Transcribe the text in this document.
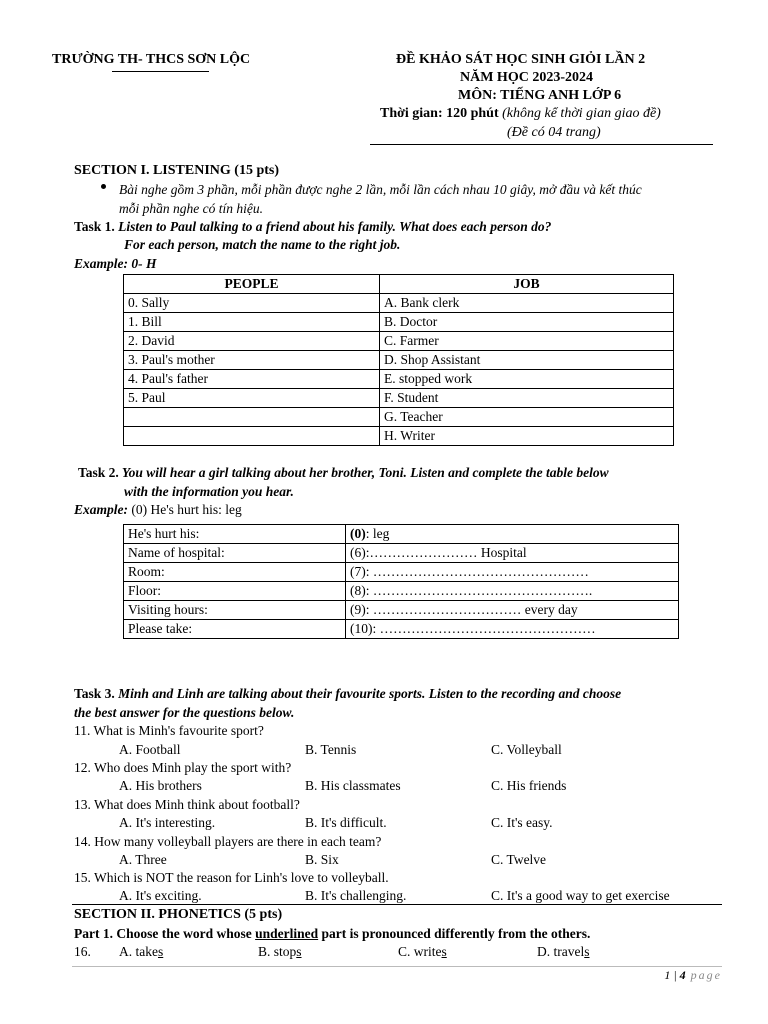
TRƯỜNG TH- THCS SƠN LỘC	ĐỀ KHẢO SÁT HỌC SINH GIỎI LẦN 2
NĂM HỌC 2023-2024
MÔN: TIẾNG ANH LỚP 6
Thời gian: 120 phút (không kể thời gian giao đề)
(Đề có 04 trang)
SECTION I. LISTENING (15 pts)
Bài nghe gồm 3 phần, mỗi phần được nghe 2 lần, mỗi lần cách nhau 10 giây, mở đầu và kết thúc
mỗi phần nghe có tín hiệu.
Task 1. Listen to Paul talking to a friend about his family. What does each person do?
For each person, match the name to the right job.
Example: 0- H
PEOPLE	JOB
0. Sally	A. Bank clerk
1. Bill	B. Doctor
2. David	C. Farmer
3. Paul's mother	D. Shop Assistant
4. Paul's father	E. stopped work
5. Paul	F. Student
	G. Teacher
	H. Writer
Task 2. You will hear a girl talking about her brother, Toni. Listen and complete the table below
with the information you hear.
Example: (0) He's hurt his: leg
He's hurt his:	(0): leg
Name of hospital:	(6):…………………… Hospital
Room:	(7): …………………………………………
Floor:	(8): ………………………………………….
Visiting hours:	(9): …………………………… every day
Please take:	(10): …………………………………………
Task 3. Minh and Linh are talking about their favourite sports. Listen to the recording and choose
the best answer for the questions below.
11. What is Minh's favourite sport?
A. Football	B. Tennis	C. Volleyball
12. Who does Minh play the sport with?
A. His brothers	B. His classmates	C. His friends
13. What does Minh think about football?
A. It's interesting.	B. It's difficult.	C. It's easy.
14. How many volleyball players are there in each team?
A. Three	B. Six	C. Twelve
15. Which is NOT the reason for Linh's love to volleyball.
A. It's exciting.	B. It's challenging.	C. It's a good way to get exercise
SECTION II. PHONETICS (5 pts)
Part 1. Choose the word whose underlined part is pronounced differently from the others.
16. A. takes	B. stops	C. writes	D. travels
1 | 4 page
